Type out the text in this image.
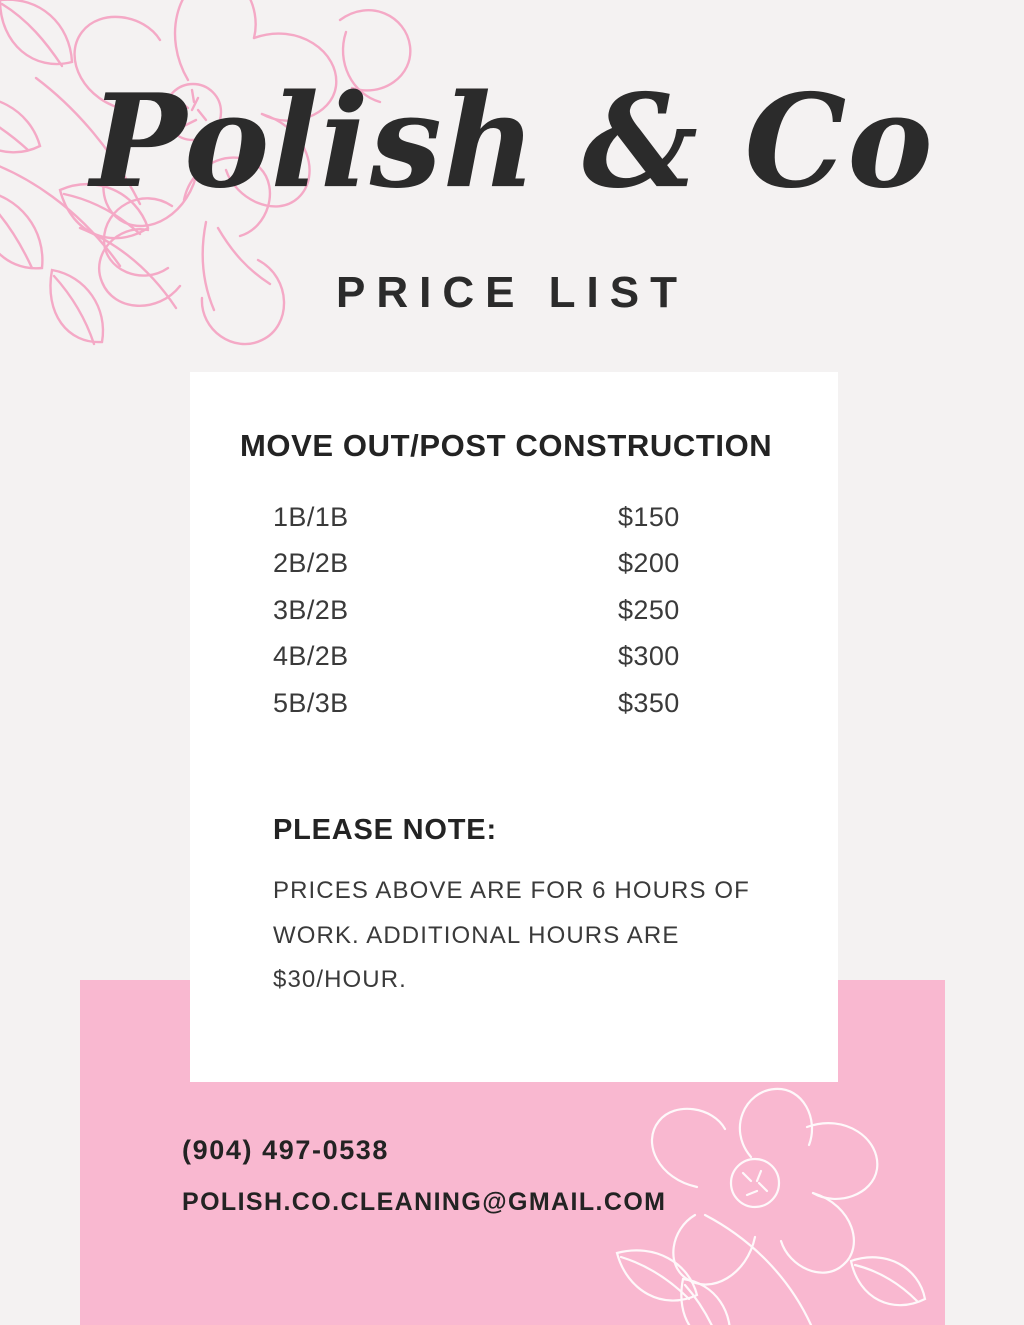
Polish & Co
PRICE LIST
MOVE OUT/POST CONSTRUCTION
1B/1B	$150
2B/2B	$200
3B/2B	$250
4B/2B	$300
5B/3B	$350
PLEASE NOTE:
PRICES ABOVE ARE FOR 6 HOURS OF WORK. ADDITIONAL HOURS ARE $30/HOUR.
(904) 497-0538
POLISH.CO.CLEANING@GMAIL.COM
